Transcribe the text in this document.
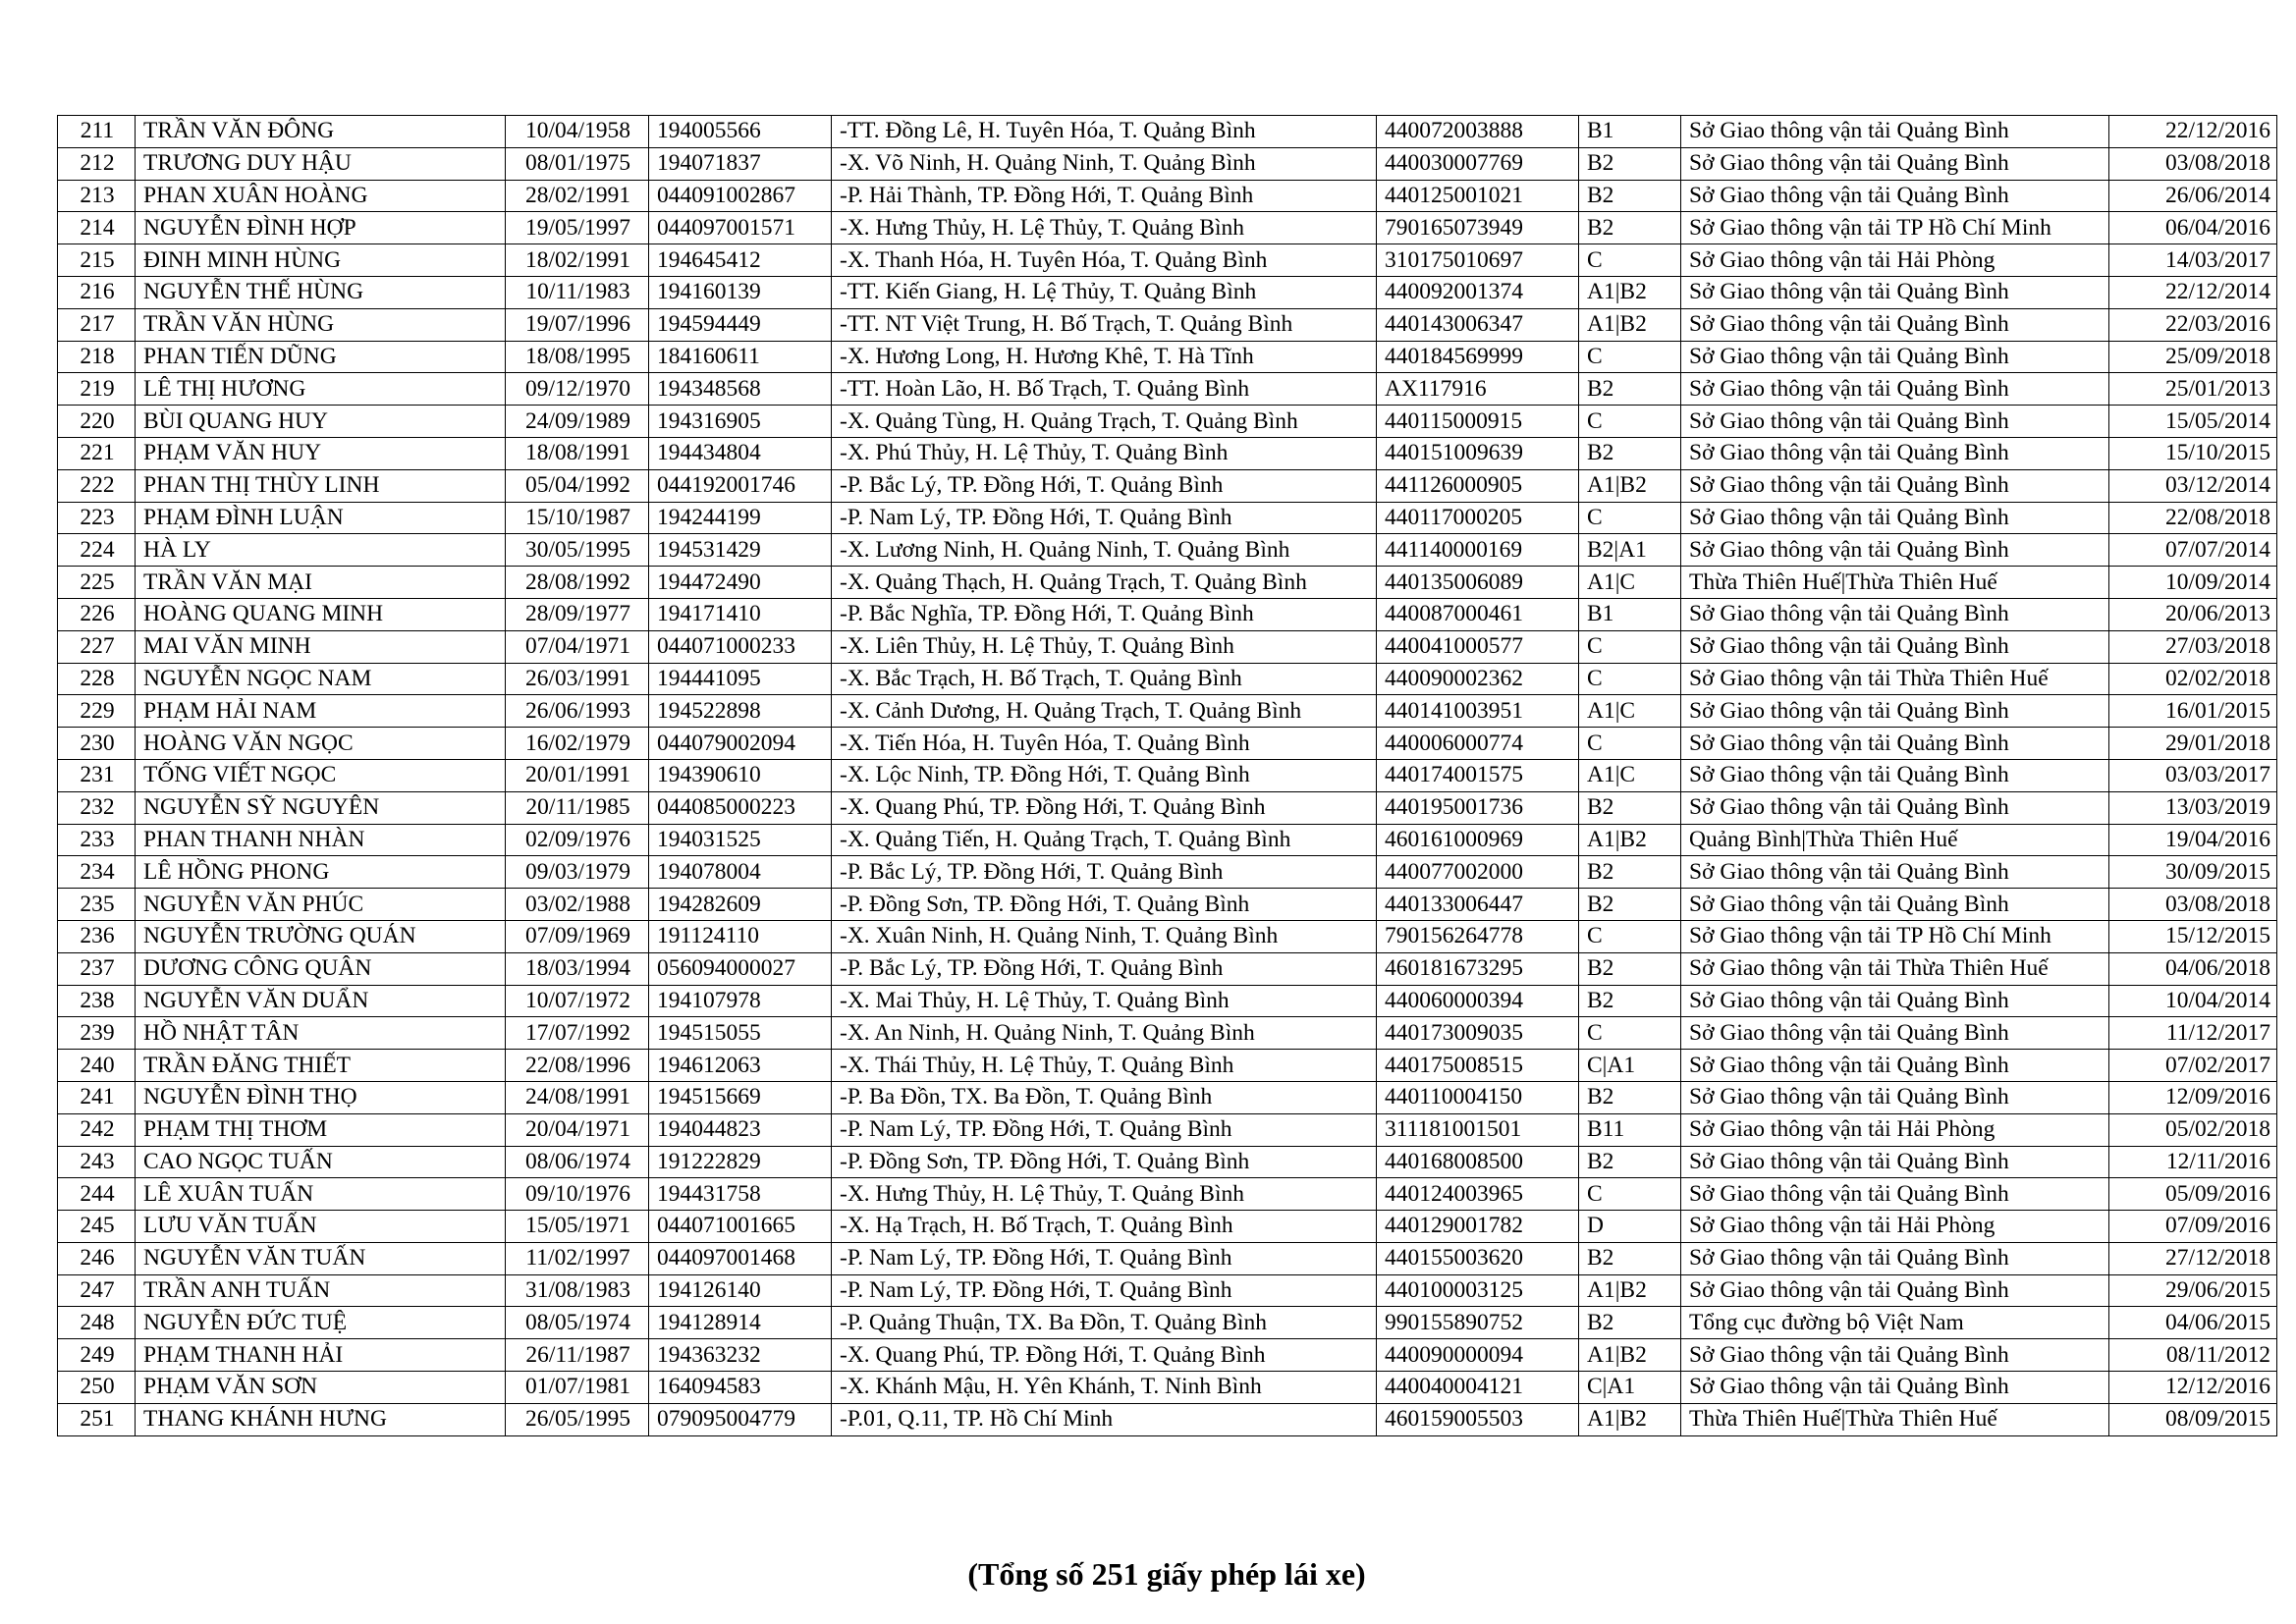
211	TRẦN VĂN ĐÔNG	10/04/1958	194005566	-TT. Đồng Lê, H. Tuyên Hóa, T. Quảng Bình	440072003888	B1	Sở Giao thông vận tải Quảng Bình	22/12/2016
212	TRƯƠNG DUY HẬU	08/01/1975	194071837	-X. Võ Ninh, H. Quảng Ninh, T. Quảng Bình	440030007769	B2	Sở Giao thông vận tải Quảng Bình	03/08/2018
213	PHAN XUÂN HOÀNG	28/02/1991	044091002867	-P. Hải Thành, TP. Đồng Hới, T. Quảng Bình	440125001021	B2	Sở Giao thông vận tải Quảng Bình	26/06/2014
214	NGUYỄN ĐÌNH HỢP	19/05/1997	044097001571	-X. Hưng Thủy, H. Lệ Thủy, T. Quảng Bình	790165073949	B2	Sở Giao thông vận tải TP Hồ Chí Minh	06/04/2016
215	ĐINH MINH HÙNG	18/02/1991	194645412	-X. Thanh Hóa, H. Tuyên Hóa, T. Quảng Bình	310175010697	C	Sở Giao thông vận tải Hải Phòng	14/03/2017
216	NGUYỄN THẾ HÙNG	10/11/1983	194160139	-TT. Kiến Giang, H. Lệ Thủy, T. Quảng Bình	440092001374	A1|B2	Sở Giao thông vận tải Quảng Bình	22/12/2014
217	TRẦN VĂN HÙNG	19/07/1996	194594449	-TT. NT Việt Trung, H. Bố Trạch, T. Quảng Bình	440143006347	A1|B2	Sở Giao thông vận tải Quảng Bình	22/03/2016
218	PHAN TIẾN DŨNG	18/08/1995	184160611	-X. Hương Long, H. Hương Khê, T. Hà Tĩnh	440184569999	C	Sở Giao thông vận tải Quảng Bình	25/09/2018
219	LÊ THỊ HƯƠNG	09/12/1970	194348568	-TT. Hoàn Lão, H. Bố Trạch, T. Quảng Bình	AX117916	B2	Sở Giao thông vận tải Quảng Bình	25/01/2013
220	BÙI QUANG HUY	24/09/1989	194316905	-X. Quảng Tùng, H. Quảng Trạch, T. Quảng Bình	440115000915	C	Sở Giao thông vận tải Quảng Bình	15/05/2014
221	PHẠM VĂN HUY	18/08/1991	194434804	-X. Phú Thủy, H. Lệ Thủy, T. Quảng Bình	440151009639	B2	Sở Giao thông vận tải Quảng Bình	15/10/2015
222	PHAN THỊ THÙY LINH	05/04/1992	044192001746	-P. Bắc Lý, TP. Đồng Hới, T. Quảng Bình	441126000905	A1|B2	Sở Giao thông vận tải Quảng Bình	03/12/2014
223	PHẠM ĐÌNH LUẬN	15/10/1987	194244199	-P. Nam Lý, TP. Đồng Hới, T. Quảng Bình	440117000205	C	Sở Giao thông vận tải Quảng Bình	22/08/2018
224	HÀ LY	30/05/1995	194531429	-X. Lương Ninh, H. Quảng Ninh, T. Quảng Bình	441140000169	B2|A1	Sở Giao thông vận tải Quảng Bình	07/07/2014
225	TRẦN VĂN MẠI	28/08/1992	194472490	-X. Quảng Thạch, H. Quảng Trạch, T. Quảng Bình	440135006089	A1|C	Thừa Thiên Huế|Thừa Thiên Huế	10/09/2014
226	HOÀNG QUANG MINH	28/09/1977	194171410	-P. Bắc Nghĩa, TP. Đồng Hới, T. Quảng Bình	440087000461	B1	Sở Giao thông vận tải Quảng Bình	20/06/2013
227	MAI VĂN MINH	07/04/1971	044071000233	-X. Liên Thủy, H. Lệ Thủy, T. Quảng Bình	440041000577	C	Sở Giao thông vận tải Quảng Bình	27/03/2018
228	NGUYỄN NGỌC NAM	26/03/1991	194441095	-X. Bắc Trạch, H. Bố Trạch, T. Quảng Bình	440090002362	C	Sở Giao thông vận tải Thừa Thiên Huế	02/02/2018
229	PHẠM HẢI NAM	26/06/1993	194522898	-X. Cảnh Dương, H. Quảng Trạch, T. Quảng Bình	440141003951	A1|C	Sở Giao thông vận tải Quảng Bình	16/01/2015
230	HOÀNG VĂN NGỌC	16/02/1979	044079002094	-X. Tiến Hóa, H. Tuyên Hóa, T. Quảng Bình	440006000774	C	Sở Giao thông vận tải Quảng Bình	29/01/2018
231	TỐNG VIẾT NGỌC	20/01/1991	194390610	-X. Lộc Ninh, TP. Đồng Hới, T. Quảng Bình	440174001575	A1|C	Sở Giao thông vận tải Quảng Bình	03/03/2017
232	NGUYỄN SỸ NGUYÊN	20/11/1985	044085000223	-X. Quang Phú, TP. Đồng Hới, T. Quảng Bình	440195001736	B2	Sở Giao thông vận tải Quảng Bình	13/03/2019
233	PHAN THANH NHÀN	02/09/1976	194031525	-X. Quảng Tiến, H. Quảng Trạch, T. Quảng Bình	460161000969	A1|B2	Quảng Bình|Thừa Thiên Huế	19/04/2016
234	LÊ HỒNG PHONG	09/03/1979	194078004	-P. Bắc Lý, TP. Đồng Hới, T. Quảng Bình	440077002000	B2	Sở Giao thông vận tải Quảng Bình	30/09/2015
235	NGUYỄN VĂN PHÚC	03/02/1988	194282609	-P. Đồng Sơn, TP. Đồng Hới, T. Quảng Bình	440133006447	B2	Sở Giao thông vận tải Quảng Bình	03/08/2018
236	NGUYỄN TRƯỜNG QUÁN	07/09/1969	191124110	-X. Xuân Ninh, H. Quảng Ninh, T. Quảng Bình	790156264778	C	Sở Giao thông vận tải TP Hồ Chí Minh	15/12/2015
237	DƯƠNG CÔNG QUÂN	18/03/1994	056094000027	-P. Bắc Lý, TP. Đồng Hới, T. Quảng Bình	460181673295	B2	Sở Giao thông vận tải Thừa Thiên Huế	04/06/2018
238	NGUYỄN VĂN DUẨN	10/07/1972	194107978	-X. Mai Thủy, H. Lệ Thủy, T. Quảng Bình	440060000394	B2	Sở Giao thông vận tải Quảng Bình	10/04/2014
239	HỒ NHẬT TÂN	17/07/1992	194515055	-X. An Ninh, H. Quảng Ninh, T. Quảng Bình	440173009035	C	Sở Giao thông vận tải Quảng Bình	11/12/2017
240	TRẦN ĐĂNG THIẾT	22/08/1996	194612063	-X. Thái Thủy, H. Lệ Thủy, T. Quảng Bình	440175008515	C|A1	Sở Giao thông vận tải Quảng Bình	07/02/2017
241	NGUYỄN ĐÌNH THỌ	24/08/1991	194515669	-P. Ba Đồn, TX. Ba Đồn, T. Quảng Bình	440110004150	B2	Sở Giao thông vận tải Quảng Bình	12/09/2016
242	PHẠM THỊ THƠM	20/04/1971	194044823	-P. Nam Lý, TP. Đồng Hới, T. Quảng Bình	311181001501	B11	Sở Giao thông vận tải Hải Phòng	05/02/2018
243	CAO NGỌC TUẤN	08/06/1974	191222829	-P. Đồng Sơn, TP. Đồng Hới, T. Quảng Bình	440168008500	B2	Sở Giao thông vận tải Quảng Bình	12/11/2016
244	LÊ XUÂN TUẤN	09/10/1976	194431758	-X. Hưng Thủy, H. Lệ Thủy, T. Quảng Bình	440124003965	C	Sở Giao thông vận tải Quảng Bình	05/09/2016
245	LƯU VĂN TUẤN	15/05/1971	044071001665	-X. Hạ Trạch, H. Bố Trạch, T. Quảng Bình	440129001782	D	Sở Giao thông vận tải Hải Phòng	07/09/2016
246	NGUYỄN VĂN TUẤN	11/02/1997	044097001468	-P. Nam Lý, TP. Đồng Hới, T. Quảng Bình	440155003620	B2	Sở Giao thông vận tải Quảng Bình	27/12/2018
247	TRẦN ANH TUẤN	31/08/1983	194126140	-P. Nam Lý, TP. Đồng Hới, T. Quảng Bình	440100003125	A1|B2	Sở Giao thông vận tải Quảng Bình	29/06/2015
248	NGUYỄN ĐỨC TUỆ	08/05/1974	194128914	-P. Quảng Thuận, TX. Ba Đồn, T. Quảng Bình	990155890752	B2	Tổng cục đường bộ Việt Nam	04/06/2015
249	PHẠM THANH HẢI	26/11/1987	194363232	-X. Quang Phú, TP. Đồng Hới, T. Quảng Bình	440090000094	A1|B2	Sở Giao thông vận tải Quảng Bình	08/11/2012
250	PHẠM VĂN SƠN	01/07/1981	164094583	-X. Khánh Mậu, H. Yên Khánh, T. Ninh Bình	440040004121	C|A1	Sở Giao thông vận tải Quảng Bình	12/12/2016
251	THANG KHÁNH HƯNG	26/05/1995	079095004779	-P.01, Q.11, TP. Hồ Chí Minh	460159005503	A1|B2	Thừa Thiên Huế|Thừa Thiên Huế	08/09/2015
(Tổng số 251 giấy phép lái xe)
